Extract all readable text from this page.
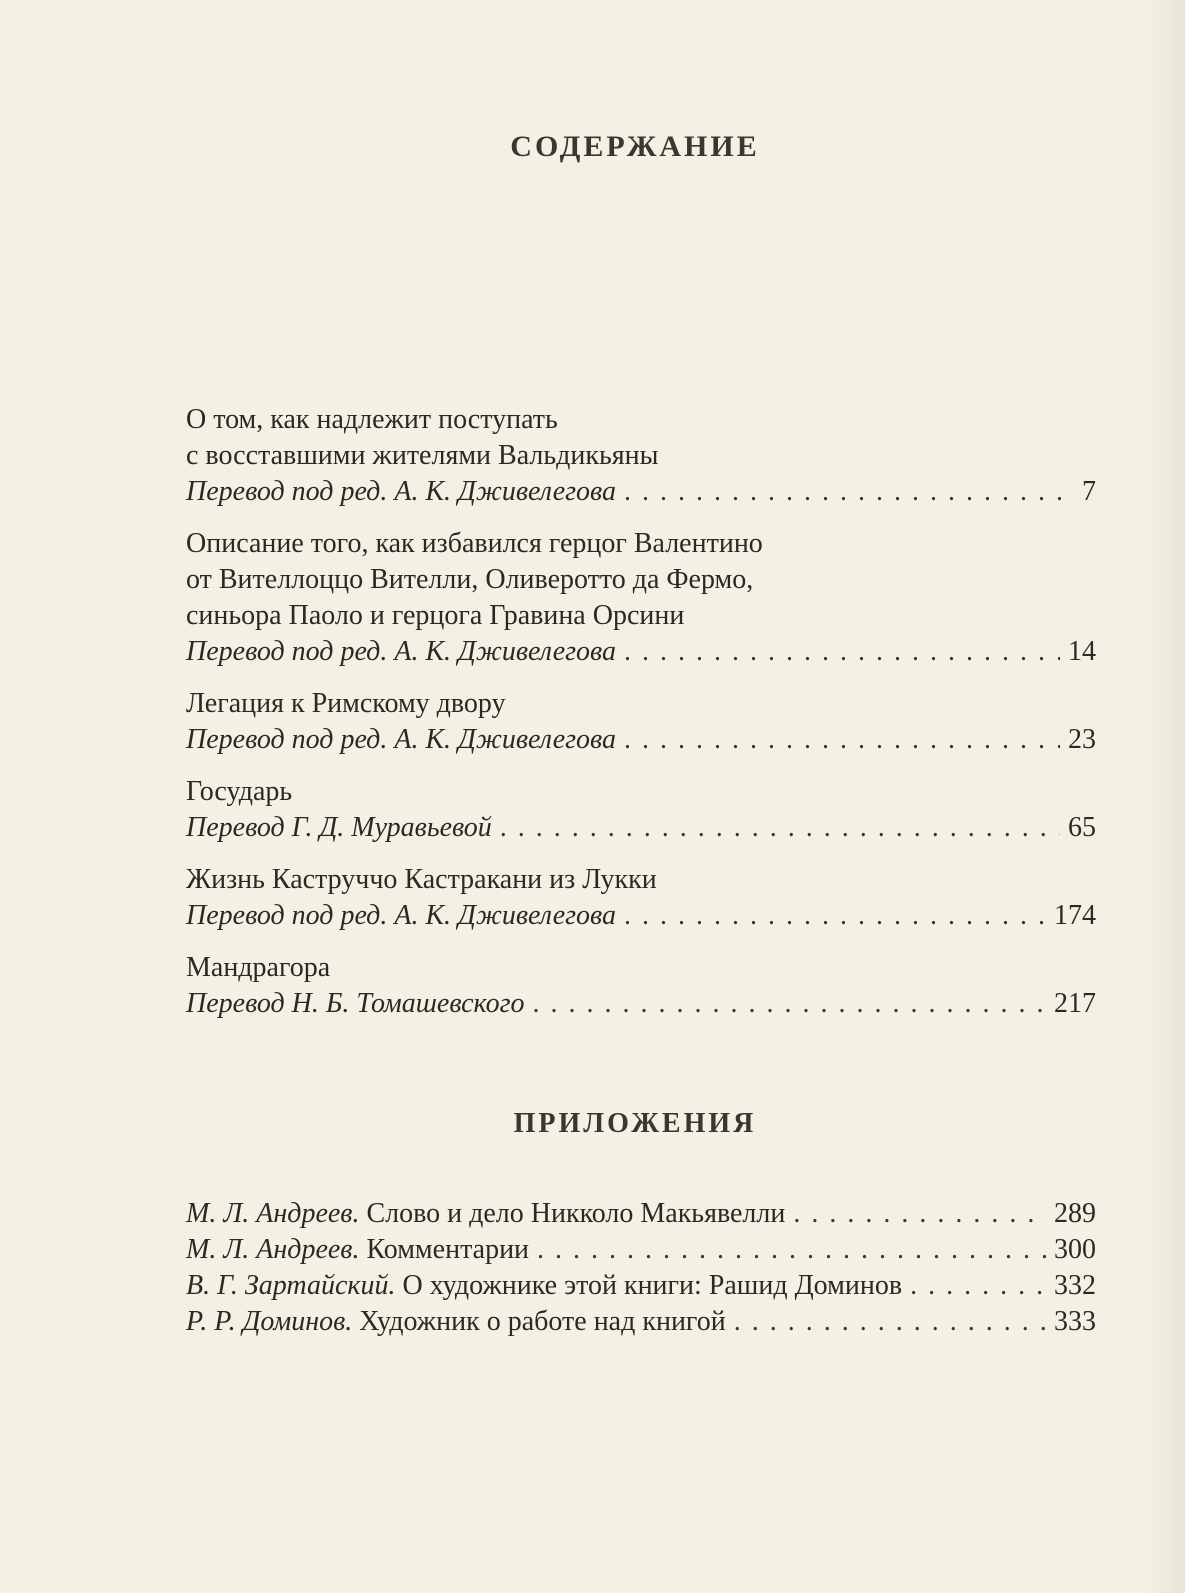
СОДЕРЖАНИЕ
О том, как надлежит поступать
с восставшими жителями Вальдикьяны
Перевод под ред. А. К. Дживелегова . . .	7
Описание того, как избавился герцог Валентино
от Вителлоццо Вителли, Оливеротто да Фермо,
синьора Паоло и герцога Гравина Орсини
Перевод под ред. А. К. Дживелегова . . .	14
Легация к Римскому двору
Перевод под ред. А. К. Дживелегова . . .	23
Государь
Перевод Г. Д. Муравьевой . . .	65
Жизнь Каструччо Кастракани из Лукки
Перевод под ред. А. К. Дживелегова . . .	174
Мандрагора
Перевод Н. Б. Томашевского . . .	217
ПРИЛОЖЕНИЯ
М. Л. Андреев. Слово и дело Никколо Макьявелли . . .	289
М. Л. Андреев. Комментарии . . .	300
В. Г. Зартайский. О художнике этой книги: Рашид Доминов . . .	332
Р. Р. Доминов. Художник о работе над книгой . . .	333
